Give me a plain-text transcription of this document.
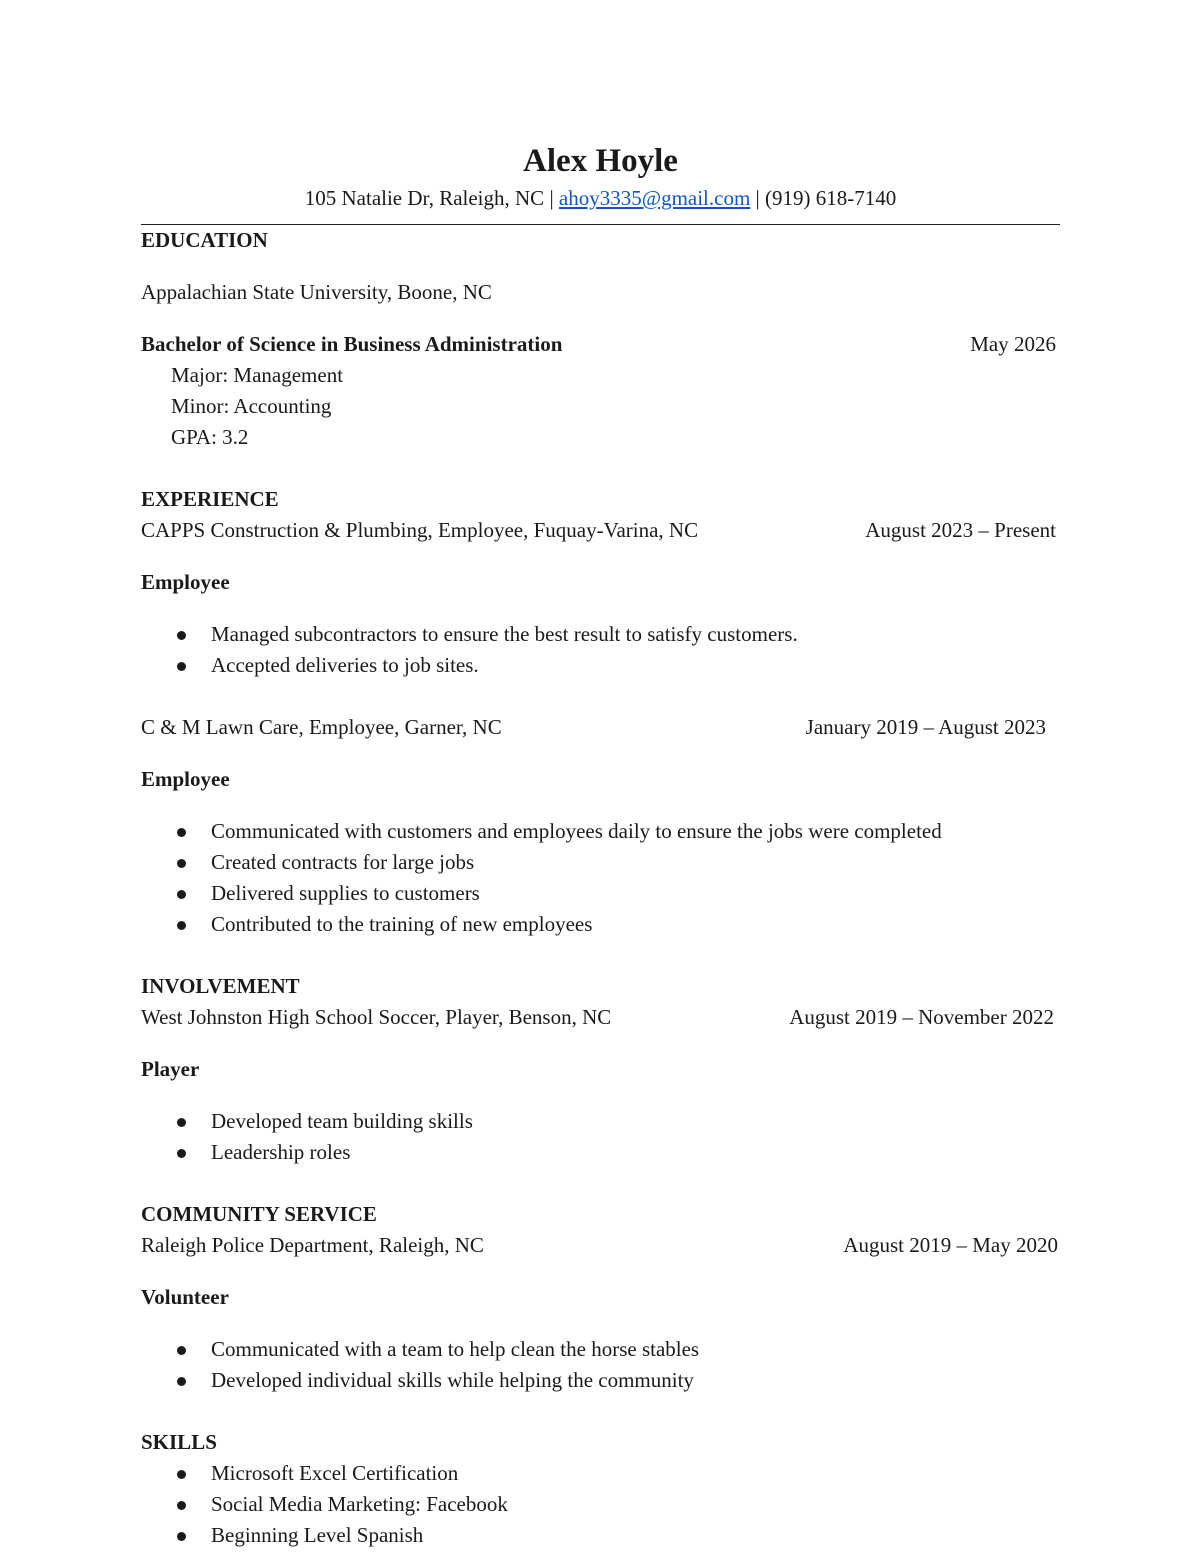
Alex Hoyle

105 Natalie Dr, Raleigh, NC | ahoy3335@gmail.com | (919) 618-7140

EDUCATION

Appalachian State University, Boone, NC

Bachelor of Science in Business Administration	May 2026

Major: Management

Minor: Accounting

GPA: 3.2

EXPERIENCE

CAPPS Construction & Plumbing, Employee, Fuquay-Varina, NC	August 2023 – Present

Employee

Managed subcontractors to ensure the best result to satisfy customers.
Accepted deliveries to job sites.
C & M Lawn Care, Employee, Garner, NC	January 2019 – August 2023

Employee

Communicated with customers and employees daily to ensure the jobs were completed
Created contracts for large jobs
Delivered supplies to customers
Contributed to the training of new employees

INVOLVEMENT

West Johnston High School Soccer, Player, Benson, NC	August 2019 – November 2022

Player

Developed team building skills
Leadership roles

COMMUNITY SERVICE

Raleigh Police Department, Raleigh, NC	August 2019 – May 2020

Volunteer

Communicated with a team to help clean the horse stables
Developed individual skills while helping the community

SKILLS

Microsoft Excel Certification
Social Media Marketing: Facebook
Beginning Level Spanish
